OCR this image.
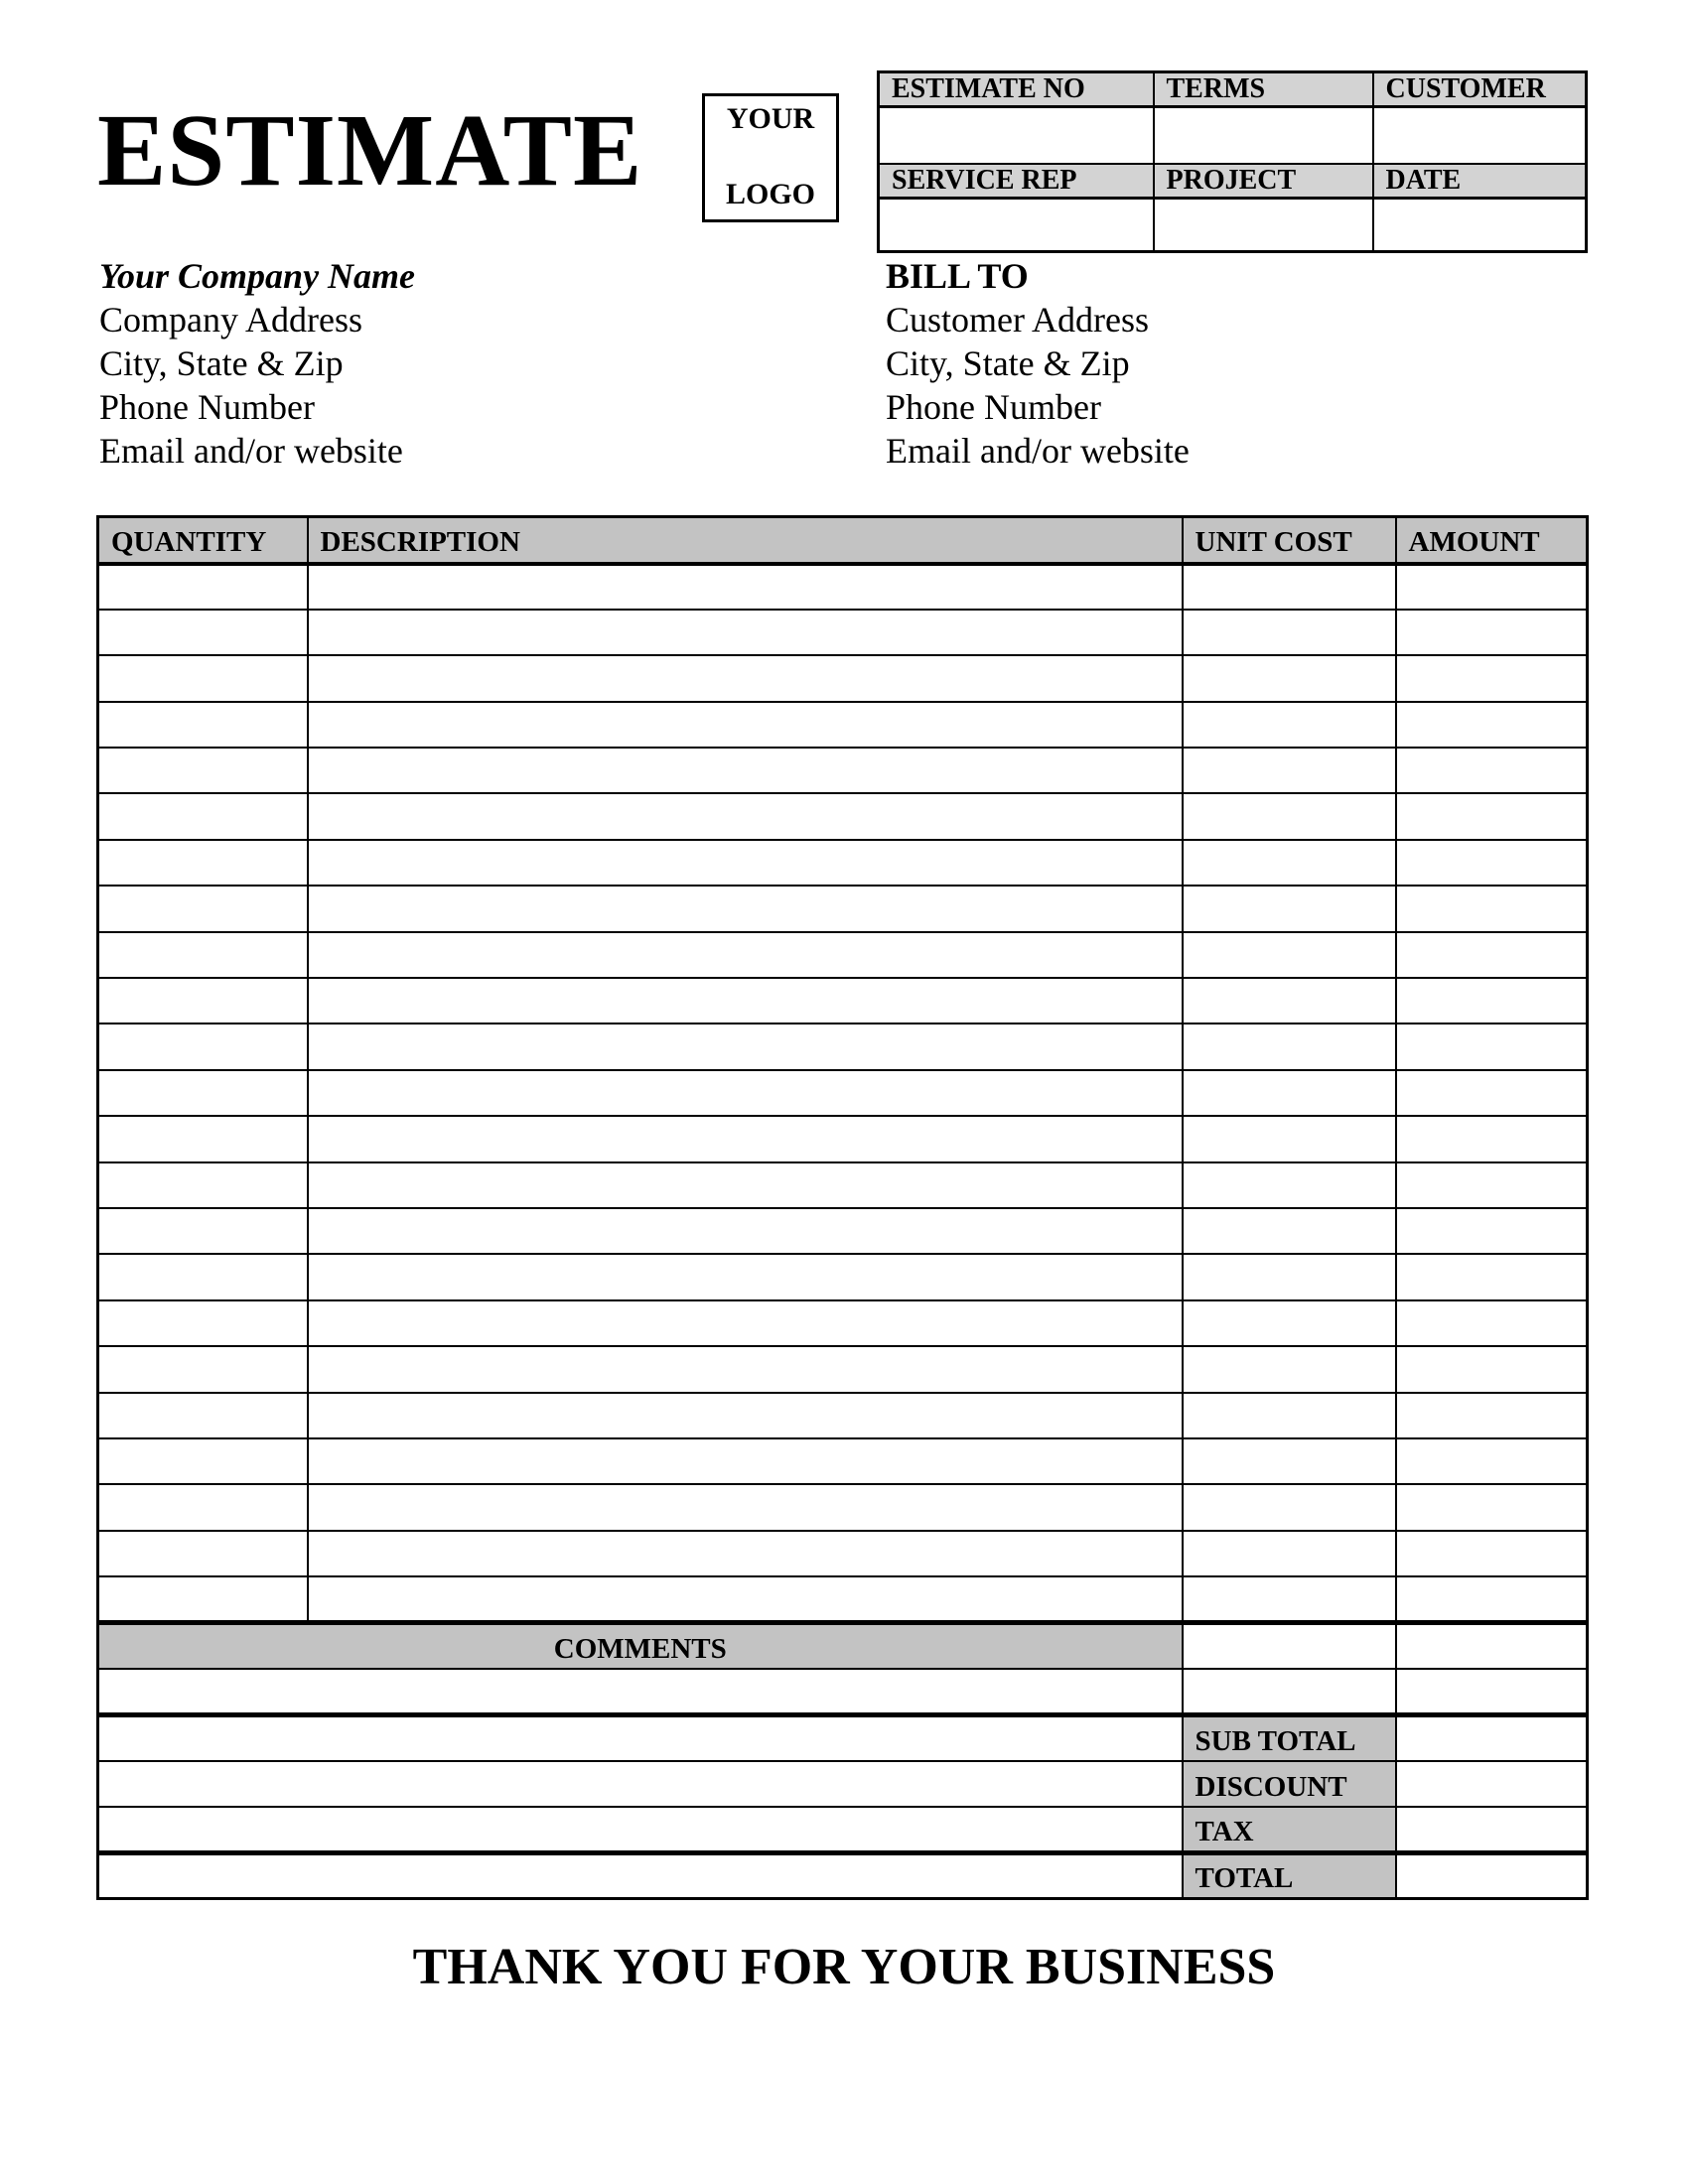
ESTIMATE	YOUR
LOGO
ESTIMATE NO	TERMS	CUSTOMER

SERVICE REP	PROJECT	DATE

Your Company Name
Company Address
City, State & Zip
Phone Number
Email and/or website
BILL TO
Customer Address
City, State & Zip
Phone Number
Email and/or website
QUANTITY	DESCRIPTION	UNIT COST	AMOUNT

COMMENTS			

		SUB TOTAL	
		DISCOUNT	
		TAX	
		TOTAL	
THANK YOU FOR YOUR BUSINESS
